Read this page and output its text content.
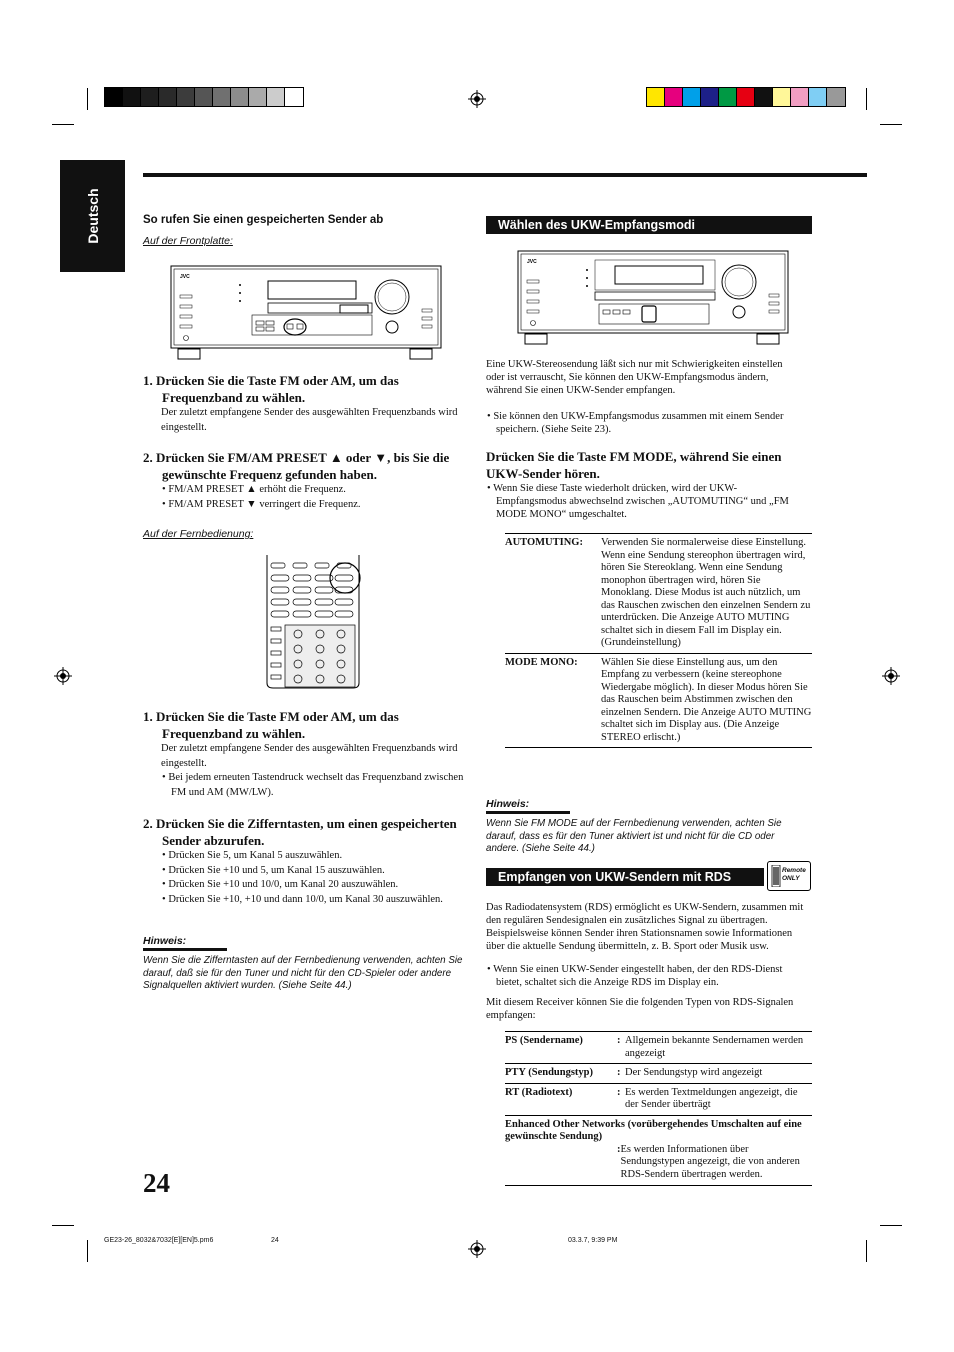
Deutsch	So rufen Sie einen gespeicherten Sender ab
Auf der Frontplatte:
JVC
1. Drücken Sie die Taste FM oder AM, um das Frequenzband zu wählen.
Der zuletzt empfangene Sender des ausgewählten Frequenzbands wird eingestellt.
2. Drücken Sie FM/AM PRESET ▲ oder ▼, bis Sie die gewünschte Frequenz gefunden haben.
• FM/AM PRESET ▲ erhöht die Frequenz.
• FM/AM PRESET ▼ verringert die Frequenz.
Auf der Fernbedienung:
1. Drücken Sie die Taste FM oder AM, um das Frequenzband zu wählen.
Der zuletzt empfangene Sender des ausgewählten Frequenzbands wird eingestellt.
• Bei jedem erneuten Tastendruck wechselt das Frequenzband zwischen FM und AM (MW/LW).
2. Drücken Sie die Zifferntasten, um einen gespeicherten Sender abzurufen.
• Drücken Sie 5, um Kanal 5 auszuwählen.
• Drücken Sie +10 und 5, um Kanal 15 auszuwählen.
• Drücken Sie +10 und 10/0, um Kanal 20 auszuwählen.
• Drücken Sie +10, +10 und dann 10/0, um Kanal 30 auszuwählen.
Hinweis:
Wenn Sie die Zifferntasten auf der Fernbedienung verwenden, achten Sie darauf, daß sie für den Tuner und nicht für den CD-Spieler oder andere Signalquellen aktiviert wurden. (Siehe Seite 44.)
Wählen des UKW-Empfangsmodi
JVC
Eine UKW-Stereosendung läßt sich nur mit Schwierigkeiten einstellen oder ist verrauscht, Sie können den UKW-Empfangsmodus ändern, während Sie einen UKW-Sender empfangen.
• Sie können den UKW-Empfangsmodus zusammen mit einem Sender speichern. (Siehe Seite 23).
Drücken Sie die Taste FM MODE, während Sie einen UKW-Sender hören.
• Wenn Sie diese Taste wiederholt drücken, wird der UKW-Empfangsmodus abwechselnd zwischen „AUTOMUTING“ und „FM MODE MONO“ umgeschaltet.
AUTOMUTING:	Verwenden Sie normalerweise diese Einstellung. Wenn eine Sendung stereophon übertragen wird, hören Sie Stereoklang. Wenn eine Sendung monophon übertragen wird, hören Sie Monoklang. Diese Modus ist auch nützlich, um das Rauschen zwischen den einzelnen Sendern zu unterdrücken. Die Anzeige AUTO MUTING schaltet sich in diesem Fall im Display ein. (Grundeinstellung)
MODE MONO:	Wählen Sie diese Einstellung aus, um den Empfang zu verbessern (keine stereophone Wiedergabe möglich). In dieser Modus hören Sie das Rauschen beim Abstimmen zwischen den einzelnen Sendern. Die Anzeige AUTO MUTING schaltet sich im Display aus. (Die Anzeige STEREO erlischt.)
Hinweis:
Wenn Sie FM MODE auf der Fernbedienung verwenden, achten Sie darauf, dass es für den Tuner aktiviert ist und nicht für die CD oder andere. (Siehe Seite 44.)
Empfangen von UKW-Sendern mit RDS	Remote ONLY
Das Radiodatensystem (RDS) ermöglicht es UKW-Sendern, zusammen mit den regulären Sendesignalen ein zusätzliches Signal zu übertragen. Beispielsweise können Sender ihren Stationsnamen sowie Informationen über die aktuelle Sendung übermitteln, z. B. Sport oder Musik usw.
• Wenn Sie einen UKW-Sender eingestellt haben, der den RDS-Dienst bietet, schaltet sich die Anzeige RDS im Display ein.
Mit diesem Receiver können Sie die folgenden Typen von RDS-Signalen empfangen:
PS (Sendername)	:	Allgemein bekannte Sendernamen werden angezeigt
PTY (Sendungstyp)	:	Der Sendungstyp wird angezeigt
RT (Radiotext)	:	Es werden Textmeldungen angezeigt, die der Sender überträgt

Enhanced Other Networks (vorübergehendes Umschalten auf eine gewünschte Sendung)
: Es werden Informationen über Sendungstypen angezeigt, die von anderen RDS-Sendern übertragen werden.		
24
GE23-26_8032&7032[E][EN]5.pm6	24	03.3.7, 9:39 PM
